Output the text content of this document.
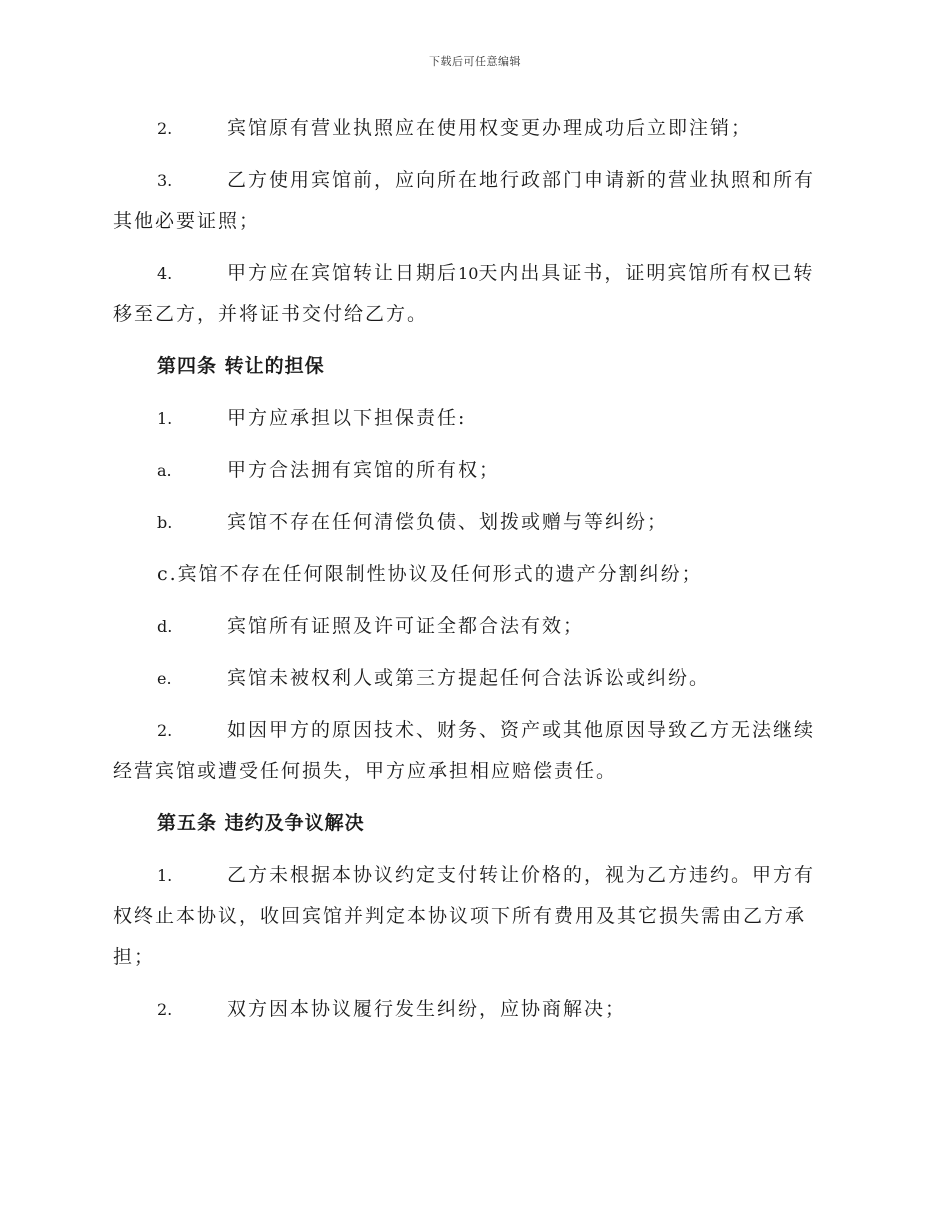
下载后可任意编辑

2.	宾馆原有营业执照应在使用权变更办理成功后立即注销；

3.	乙方使用宾馆前，应向所在地行政部门申请新的营业执照和所有其他必要证照；

4.	甲方应在宾馆转让日期后10天内出具证书，证明宾馆所有权已转移至乙方，并将证书交付给乙方。

第四条 转让的担保

1.	甲方应承担以下担保责任:

a.	甲方合法拥有宾馆的所有权；

b.	宾馆不存在任何清偿负债、划拨或赠与等纠纷；

c.宾馆不存在任何限制性协议及任何形式的遗产分割纠纷；

d.	宾馆所有证照及许可证全都合法有效；

e.	宾馆未被权利人或第三方提起任何合法诉讼或纠纷。

2.	如因甲方的原因技术、财务、资产或其他原因导致乙方无法继续经营宾馆或遭受任何损失，甲方应承担相应赔偿责任。

第五条 违约及争议解决

1.	乙方未根据本协议约定支付转让价格的，视为乙方违约。甲方有权终止本协议，收回宾馆并判定本协议项下所有费用及其它损失需由乙方承担；

2.	双方因本协议履行发生纠纷，应协商解决；
